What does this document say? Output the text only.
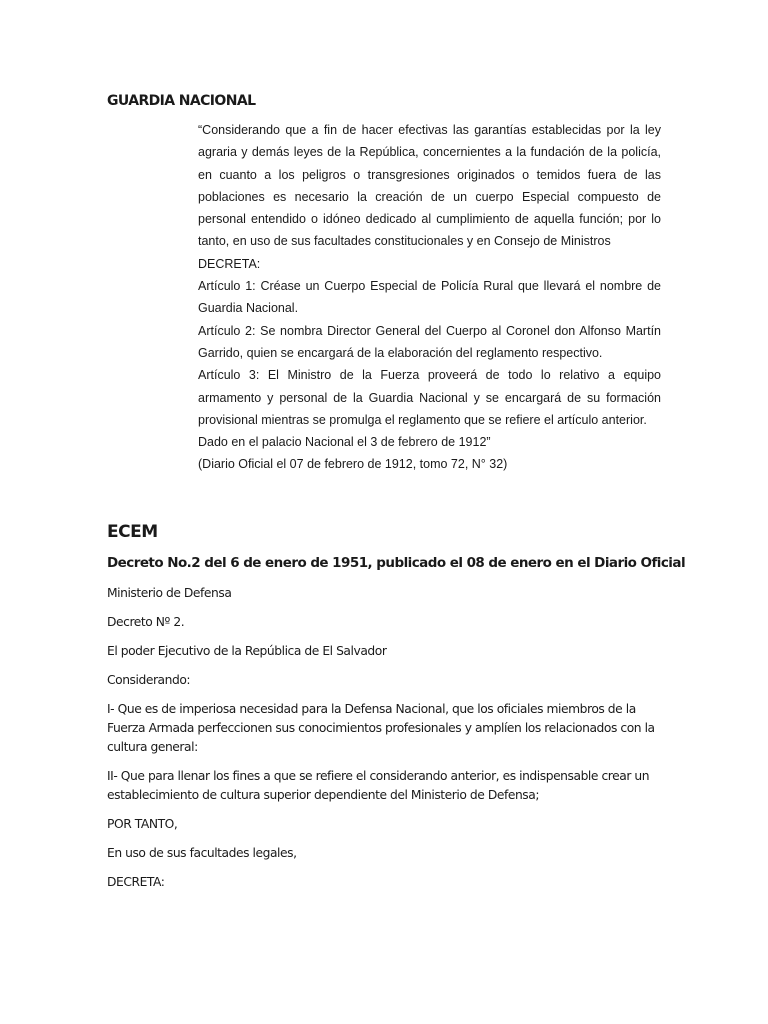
GUARDIA NACIONAL

“Considerando que a fin de hacer efectivas las garantías establecidas por la ley agraria y demás leyes de la República, concernientes a la fundación de la policía, en cuanto a los peligros o transgresiones originados o temidos fuera de las poblaciones es necesario la creación de un cuerpo Especial compuesto de personal entendido o idóneo dedicado al cumplimiento de aquella función; por lo tanto, en uso de sus facultades constitucionales y en Consejo de Ministros

DECRETA:

Artículo 1: Créase un Cuerpo Especial de Policía Rural que llevará el nombre de Guardia Nacional.

Artículo 2: Se nombra Director General del Cuerpo al Coronel don Alfonso Martín Garrido, quien se encargará de la elaboración del reglamento respectivo.

Artículo 3: El Ministro de la Fuerza proveerá de todo lo relativo a equipo armamento y personal de la Guardia Nacional y se encargará de su formación provisional mientras se promulga el reglamento que se refiere el artículo anterior.

Dado en el palacio Nacional el 3 de febrero de 1912”

(Diario Oficial el 07 de febrero de 1912, tomo 72, N° 32)

ECEM
Decreto No.2 del 6 de enero de 1951, publicado el 08 de enero en el Diario Oficial

Ministerio de Defensa

Decreto Nº 2.

El poder Ejecutivo de la República de El Salvador

Considerando:

I- Que es de imperiosa necesidad para la Defensa Nacional, que los oficiales miembros de la Fuerza Armada perfeccionen sus conocimientos profesionales y amplíen los relacionados con la cultura general:

II- Que para llenar los fines a que se refiere el considerando anterior, es indispensable crear un establecimiento de cultura superior dependiente del Ministerio de Defensa;

POR TANTO,

En uso de sus facultades legales,

DECRETA:
